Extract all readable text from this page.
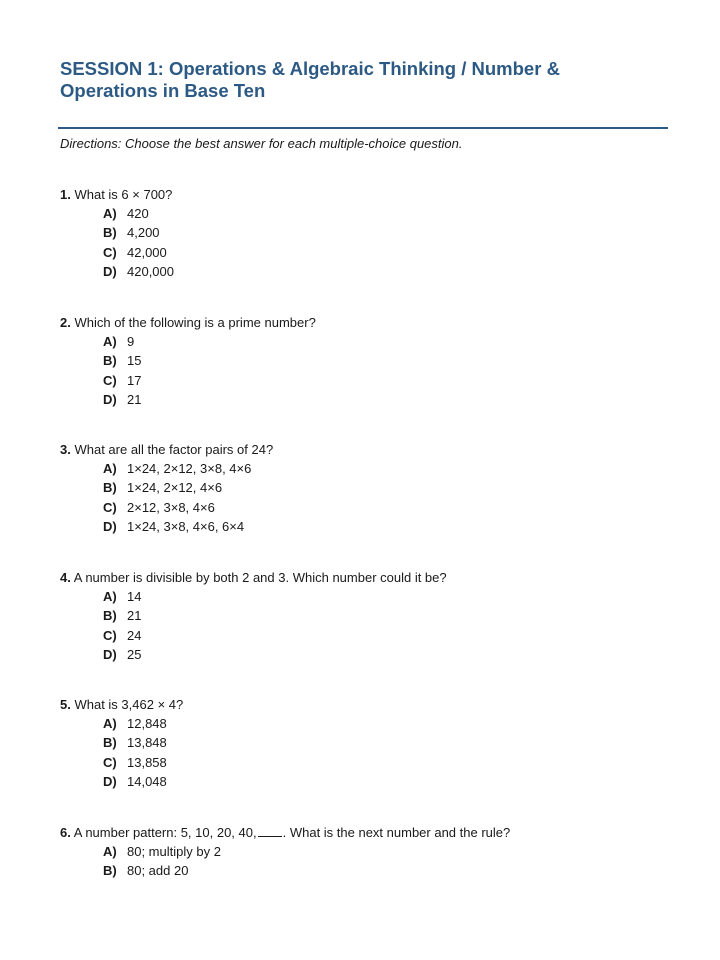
SESSION 1: Operations & Algebraic Thinking / Number & Operations in Base Ten
Directions: Choose the best answer for each multiple-choice question.
1. What is 6 × 700?
A) 420
B) 4,200
C) 42,000
D) 420,000
2. Which of the following is a prime number?
A) 9
B) 15
C) 17
D) 21
3. What are all the factor pairs of 24?
A) 1×24, 2×12, 3×8, 4×6
B) 1×24, 2×12, 4×6
C) 2×12, 3×8, 4×6
D) 1×24, 3×8, 4×6, 6×4
4. A number is divisible by both 2 and 3. Which number could it be?
A) 14
B) 21
C) 24
D) 25
5. What is 3,462 × 4?
A) 12,848
B) 13,848
C) 13,858
D) 14,048
6. A number pattern: 5, 10, 20, 40, . What is the next number and the rule?
A) 80; multiply by 2
B) 80; add 20
